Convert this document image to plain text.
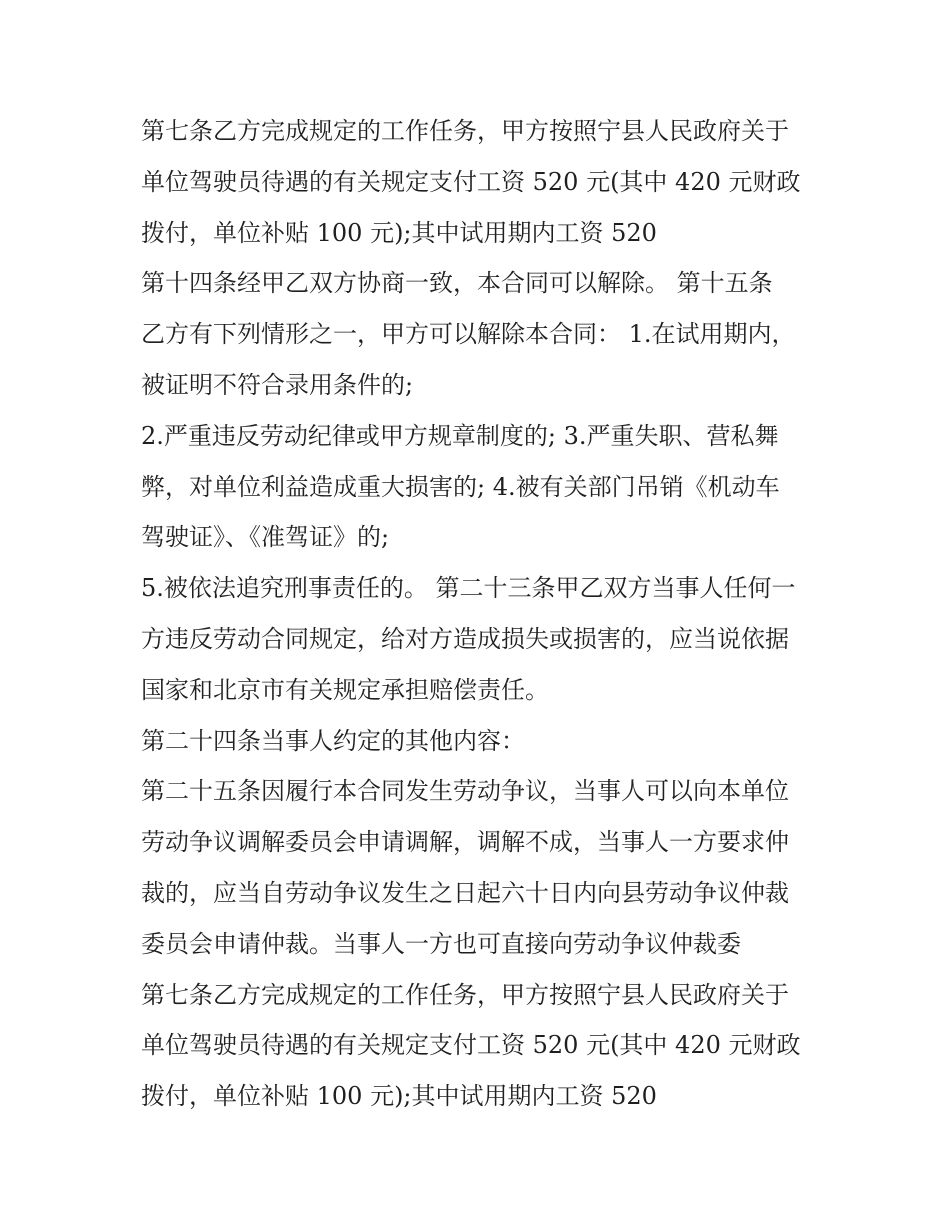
第七条乙方完成规定的工作任务，甲方按照宁县人民政府关于
单位驾驶员待遇的有关规定支付工资 520 元(其中 420 元财政
拨付，单位补贴 100 元);其中试用期内工资 520

第十四条经甲乙双方协商一致，本合同可以解除。 第十五条
乙方有下列情形之一，甲方可以解除本合同： 1.在试用期内，
被证明不符合录用条件的;

2.严重违反劳动纪律或甲方规章制度的; 3.严重失职、营私舞
弊，对单位利益造成重大损害的; 4.被有关部门吊销《机动车
驾驶证》、《准驾证》的;

5.被依法追究刑事责任的。 第二十三条甲乙双方当事人任何一
方违反劳动合同规定，给对方造成损失或损害的，应当说依据
国家和北京市有关规定承担赔偿责任。

第二十四条当事人约定的其他内容：

第二十五条因履行本合同发生劳动争议，当事人可以向本单位
劳动争议调解委员会申请调解，调解不成，当事人一方要求仲
裁的，应当自劳动争议发生之日起六十日内向县劳动争议仲裁
委员会申请仲裁。当事人一方也可直接向劳动争议仲裁委

第七条乙方完成规定的工作任务，甲方按照宁县人民政府关于
单位驾驶员待遇的有关规定支付工资 520 元(其中 420 元财政
拨付，单位补贴 100 元);其中试用期内工资 520
